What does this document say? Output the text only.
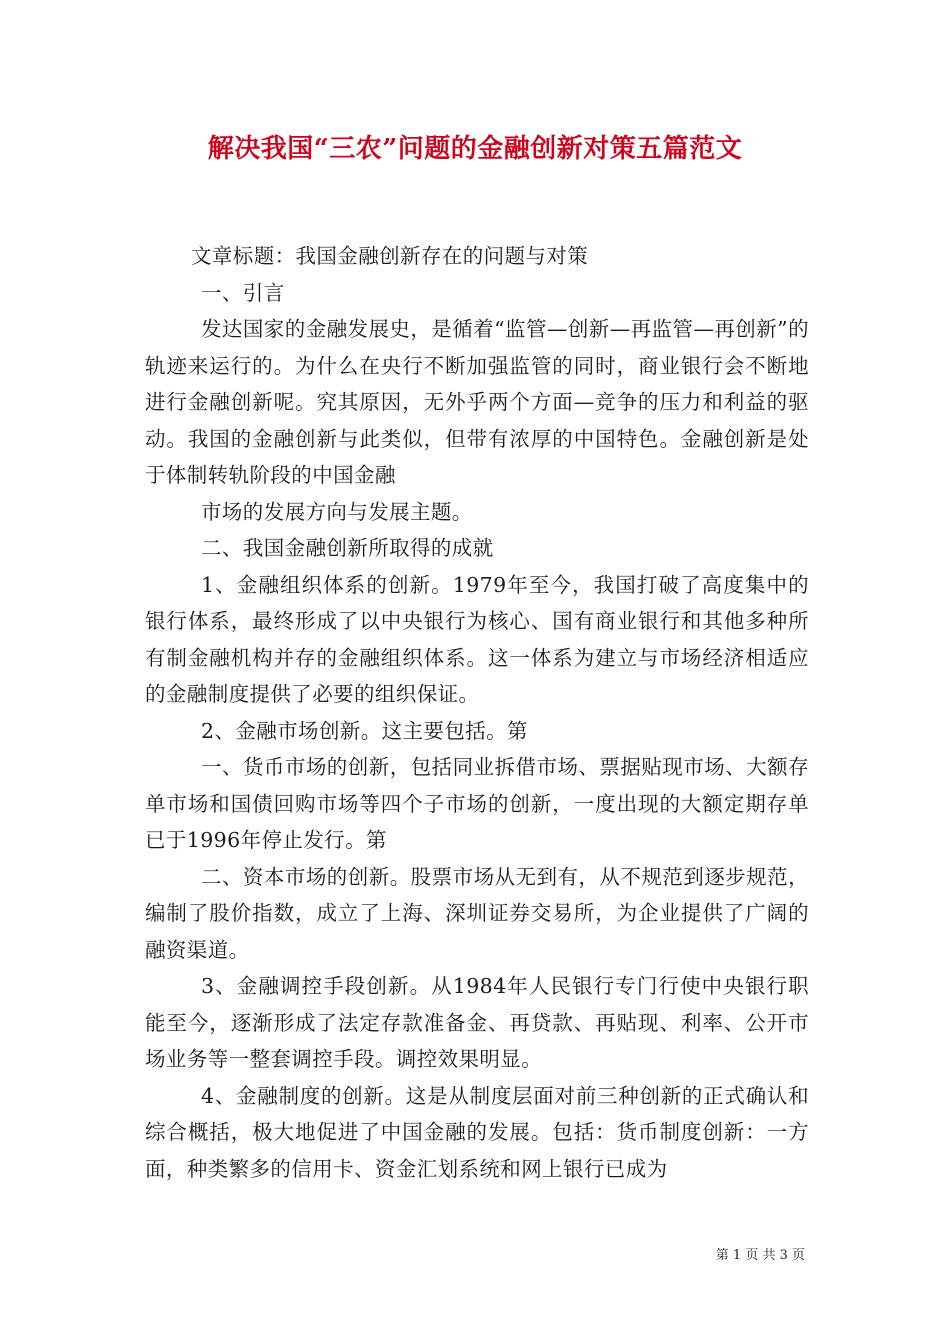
解决我国“三农”问题的金融创新对策五篇范文

文章标题：我国金融创新存在的问题与对策

一、引言

发达国家的金融发展史，是循着“监管—创新—再监管—再创新”的轨迹来运行的。为什么在央行不断加强监管的同时，商业银行会不断地进行金融创新呢。究其原因，无外乎两个方面—竞争的压力和利益的驱动。我国的金融创新与此类似，但带有浓厚的中国特色。金融创新是处于体制转轨阶段的中国金融

市场的发展方向与发展主题。

二、我国金融创新所取得的成就

1、金融组织体系的创新。1979年至今，我国打破了高度集中的银行体系，最终形成了以中央银行为核心、国有商业银行和其他多种所有制金融机构并存的金融组织体系。这一体系为建立与市场经济相适应的金融制度提供了必要的组织保证。

2、金融市场创新。这主要包括。第

一、货币市场的创新，包括同业拆借市场、票据贴现市场、大额存单市场和国债回购市场等四个子市场的创新，一度出现的大额定期存单已于1996年停止发行。第

二、资本市场的创新。股票市场从无到有，从不规范到逐步规范，编制了股价指数，成立了上海、深圳证券交易所，为企业提供了广阔的融资渠道。

3、金融调控手段创新。从1984年人民银行专门行使中央银行职能至今，逐渐形成了法定存款准备金、再贷款、再贴现、利率、公开市场业务等一整套调控手段。调控效果明显。

4、金融制度的创新。这是从制度层面对前三种创新的正式确认和综合概括，极大地促进了中国金融的发展。包括：货币制度创新：一方面，种类繁多的信用卡、资金汇划系统和网上银行已成为

第 1 页 共 3 页
